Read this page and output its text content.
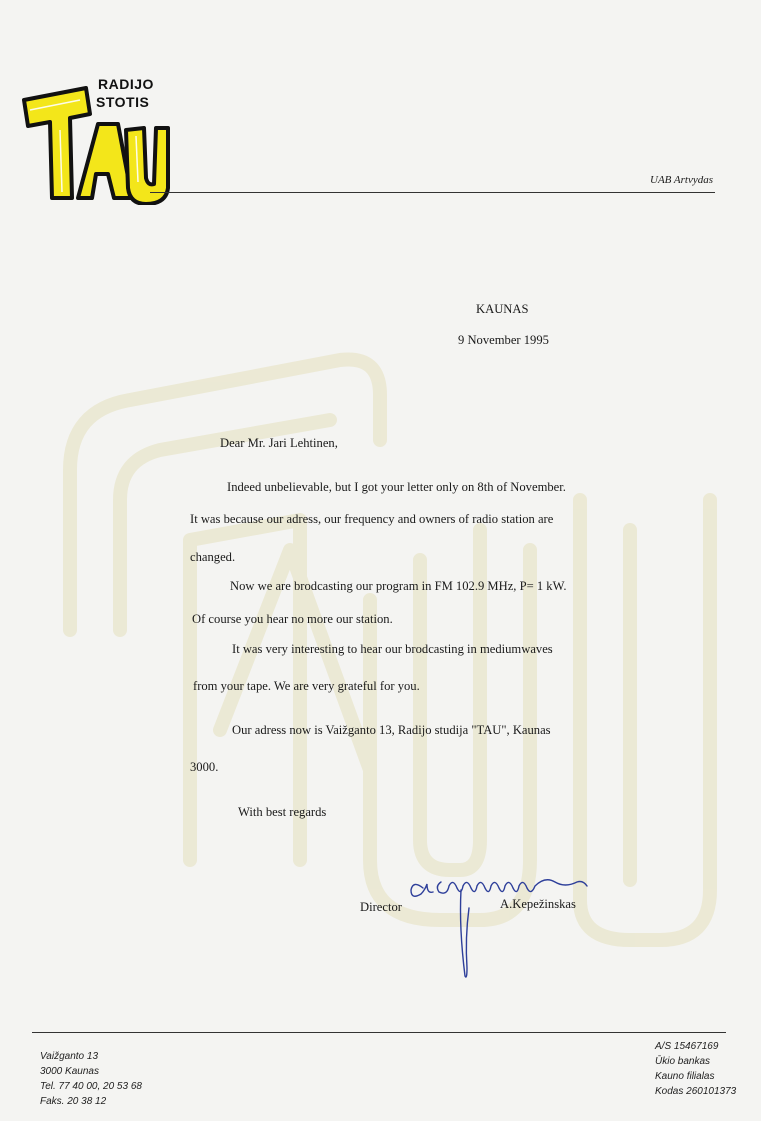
RADIJO
STOTIS
UAB Artvydas
KAUNAS
9 November 1995
Dear Mr. Jari Lehtinen,
Indeed unbelievable, but I got your letter only on 8th of November.
It was because our adress, our frequency and owners of radio station are
changed.
Now we are brodcasting our program in FM 102.9 MHz, P= 1 kW.
Of course you hear no more our station.
It was very interesting to hear our brodcasting in mediumwaves
from your tape. We are very grateful for you.
Our adress now is Vaižganto 13, Radijo studija "TAU", Kaunas
3000.
With best regards
Director	A.Kepežinskas
Vaižganto 13
3000 Kaunas
Tel. 77 40 00, 20 53 68
Faks. 20 38 12
A/S 15467169
Ūkio bankas
Kauno filialas
Kodas 260101373
